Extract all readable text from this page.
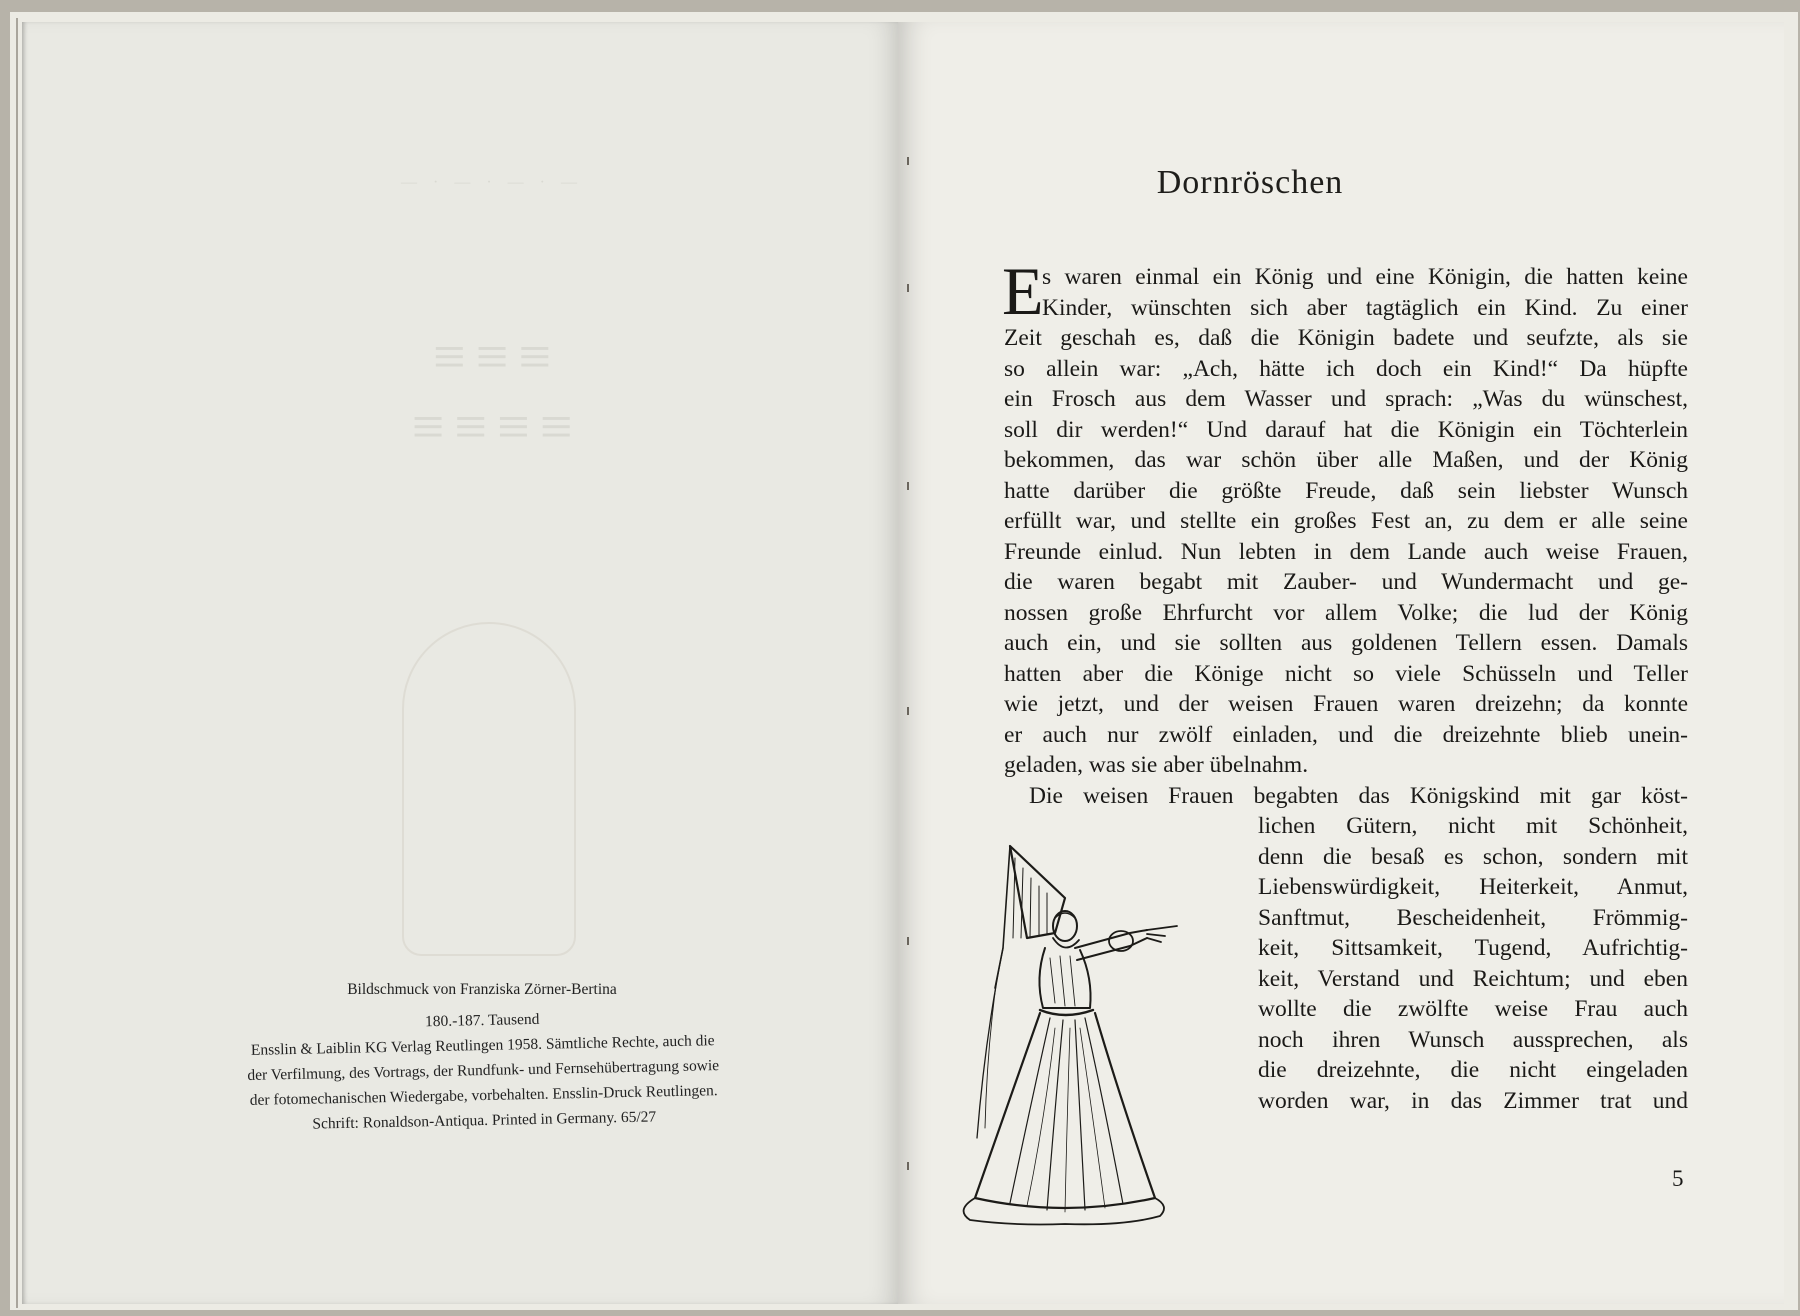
— · — · — · —
≡≡≡
≡≡≡≡
Bildschmuck von Franziska Zörner-Bertina
180.-187. Tausend
Ensslin & Laiblin KG Verlag Reutlingen 1958. Sämtliche Rechte, auch die
der Verfilmung, des Vortrags, der Rundfunk- und Fernsehübertragung sowie
der fotomechanischen Wiedergabe, vorbehalten. Ensslin-Druck Reutlingen.
Schrift: Ronaldson-Antiqua. Printed in Germany. 65/27
Dornröschen
E
s waren einmal ein König und eine Königin, die hatten keine
Kinder, wünschten sich aber tagtäglich ein Kind. Zu einer
Zeit geschah es, daß die Königin badete und seufzte, als sie
so allein war: „Ach, hätte ich doch ein Kind!“ Da hüpfte
ein Frosch aus dem Wasser und sprach: „Was du wünschest,
soll dir werden!“ Und darauf hat die Königin ein Töchterlein
bekommen, das war schön über alle Maßen, und der König
hatte darüber die größte Freude, daß sein liebster Wunsch
erfüllt war, und stellte ein großes Fest an, zu dem er alle seine
Freunde einlud. Nun lebten in dem Lande auch weise Frauen,
die waren begabt mit Zauber- und Wundermacht und ge-
nossen große Ehrfurcht vor allem Volke; die lud der König
auch ein, und sie sollten aus goldenen Tellern essen. Damals
hatten aber die Könige nicht so viele Schüsseln und Teller
wie jetzt, und der weisen Frauen waren dreizehn; da konnte
er auch nur zwölf einladen, und die dreizehnte blieb unein-
geladen, was sie aber übelnahm.
Die weisen Frauen begabten das Königskind mit gar köst-
lichen Gütern, nicht mit Schönheit,
denn die besaß es schon, sondern mit
Liebenswürdigkeit, Heiterkeit, Anmut,
Sanftmut, Bescheidenheit, Frömmig-
keit, Sittsamkeit, Tugend, Aufrichtig-
keit, Verstand und Reichtum; und eben
wollte die zwölfte weise Frau auch
noch ihren Wunsch aussprechen, als
die dreizehnte, die nicht eingeladen
worden war, in das Zimmer trat und
5
